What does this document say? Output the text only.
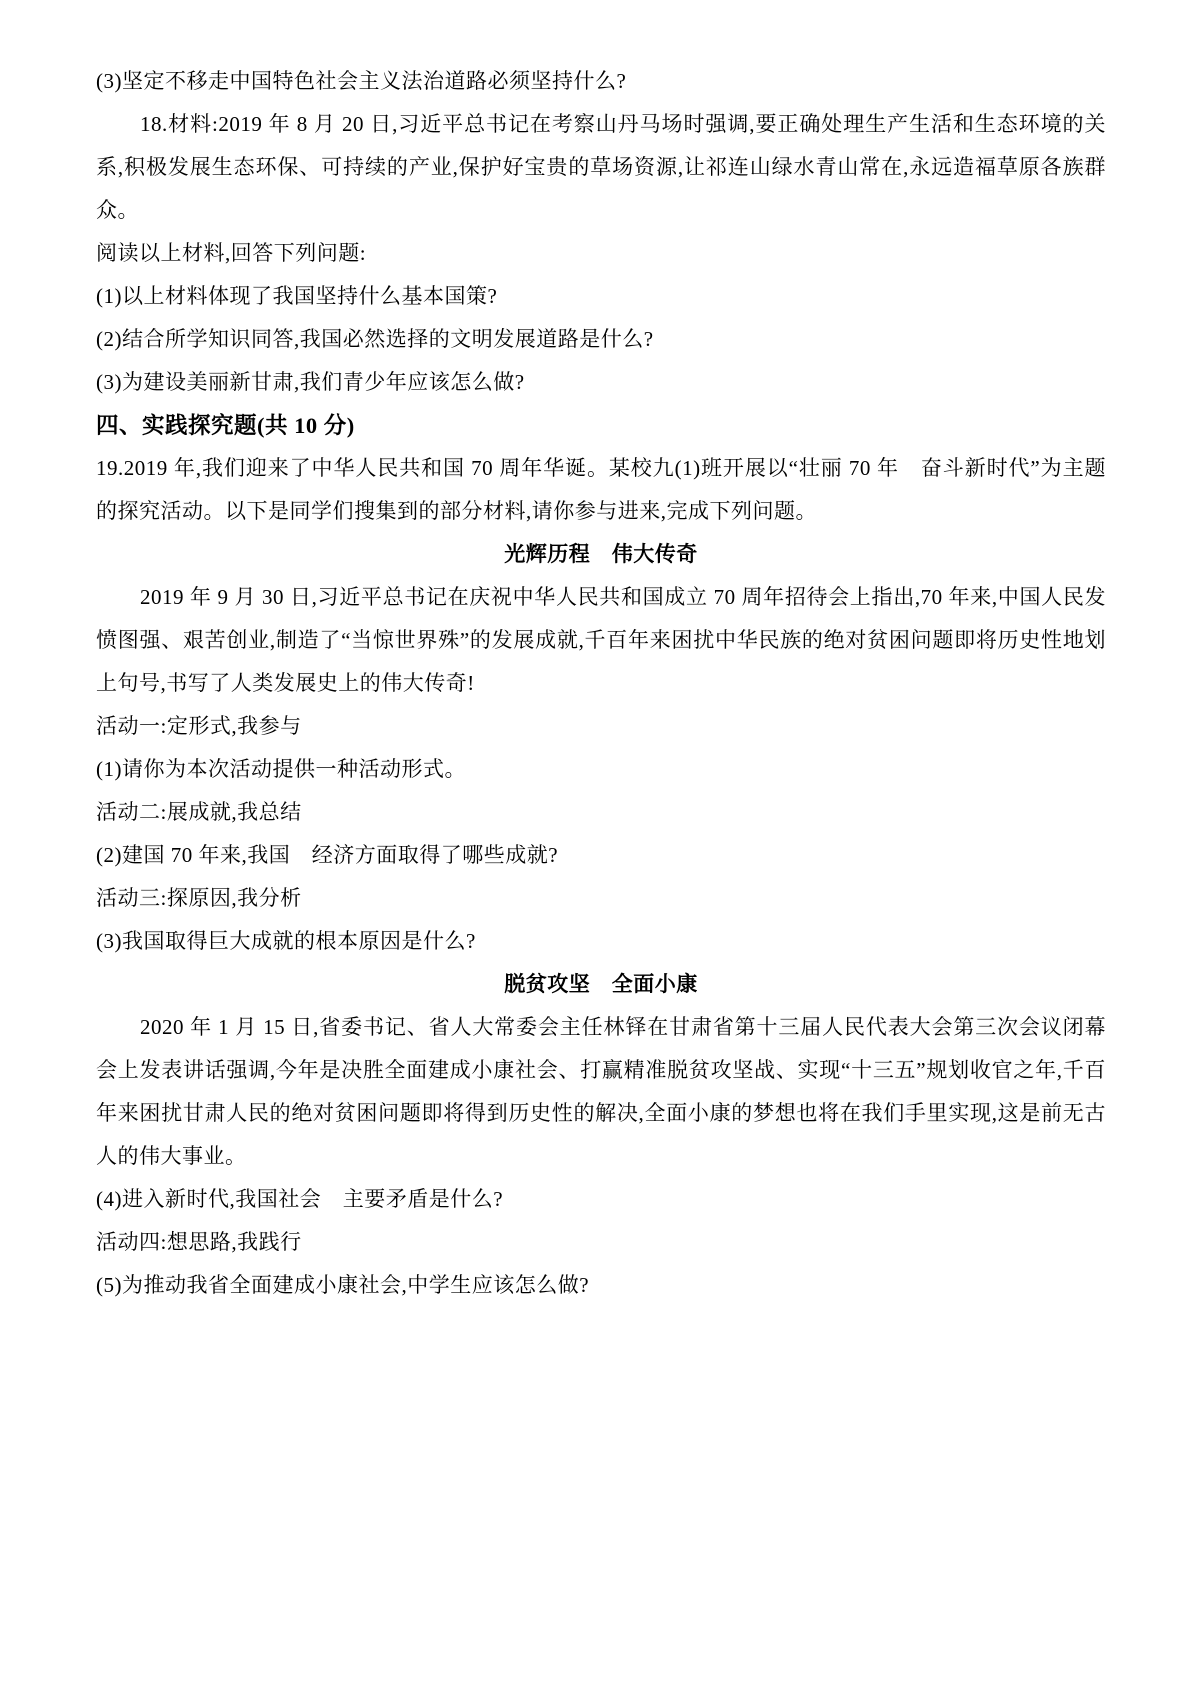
(3)坚定不移走中国特色社会主义法治道路必须坚持什么?

18.材料:2019 年 8 月 20 日,习近平总书记在考察山丹马场时强调,要正确处理生产生活和生态环境的关系,积极发展生态环保、可持续的产业,保护好宝贵的草场资源,让祁连山绿水青山常在,永远造福草原各族群众。

阅读以上材料,回答下列问题:

(1)以上材料体现了我国坚持什么基本国策?

(2)结合所学知识同答,我国必然选择的文明发展道路是什么?

(3)为建设美丽新甘肃,我们青少年应该怎么做?

四、实践探究题(共 10 分)

19.2019 年,我们迎来了中华人民共和国 70 周年华诞。某校九(1)班开展以“壮丽 70 年　奋斗新时代”为主题的探究活动。以下是同学们搜集到的部分材料,请你参与进来,完成下列问题。

光辉历程　伟大传奇

2019 年 9 月 30 日,习近平总书记在庆祝中华人民共和国成立 70 周年招待会上指出,70 年来,中国人民发愤图强、艰苦创业,制造了“当惊世界殊”的发展成就,千百年来困扰中华民族的绝对贫困问题即将历史性地划上句号,书写了人类发展史上的伟大传奇!

活动一:定形式,我参与

(1)请你为本次活动提供一种活动形式。

活动二:展成就,我总结

(2)建国 70 年来,我国　经济方面取得了哪些成就?

活动三:探原因,我分析

(3)我国取得巨大成就的根本原因是什么?

脱贫攻坚　全面小康

2020 年 1 月 15 日,省委书记、省人大常委会主任林铎在甘肃省第十三届人民代表大会第三次会议闭幕会上发表讲话强调,今年是决胜全面建成小康社会、打赢精准脱贫攻坚战、实现“十三五”规划收官之年,千百年来困扰甘肃人民的绝对贫困问题即将得到历史性的解决,全面小康的梦想也将在我们手里实现,这是前无古人的伟大事业。

(4)进入新时代,我国社会　主要矛盾是什么?

活动四:想思路,我践行

(5)为推动我省全面建成小康社会,中学生应该怎么做?
